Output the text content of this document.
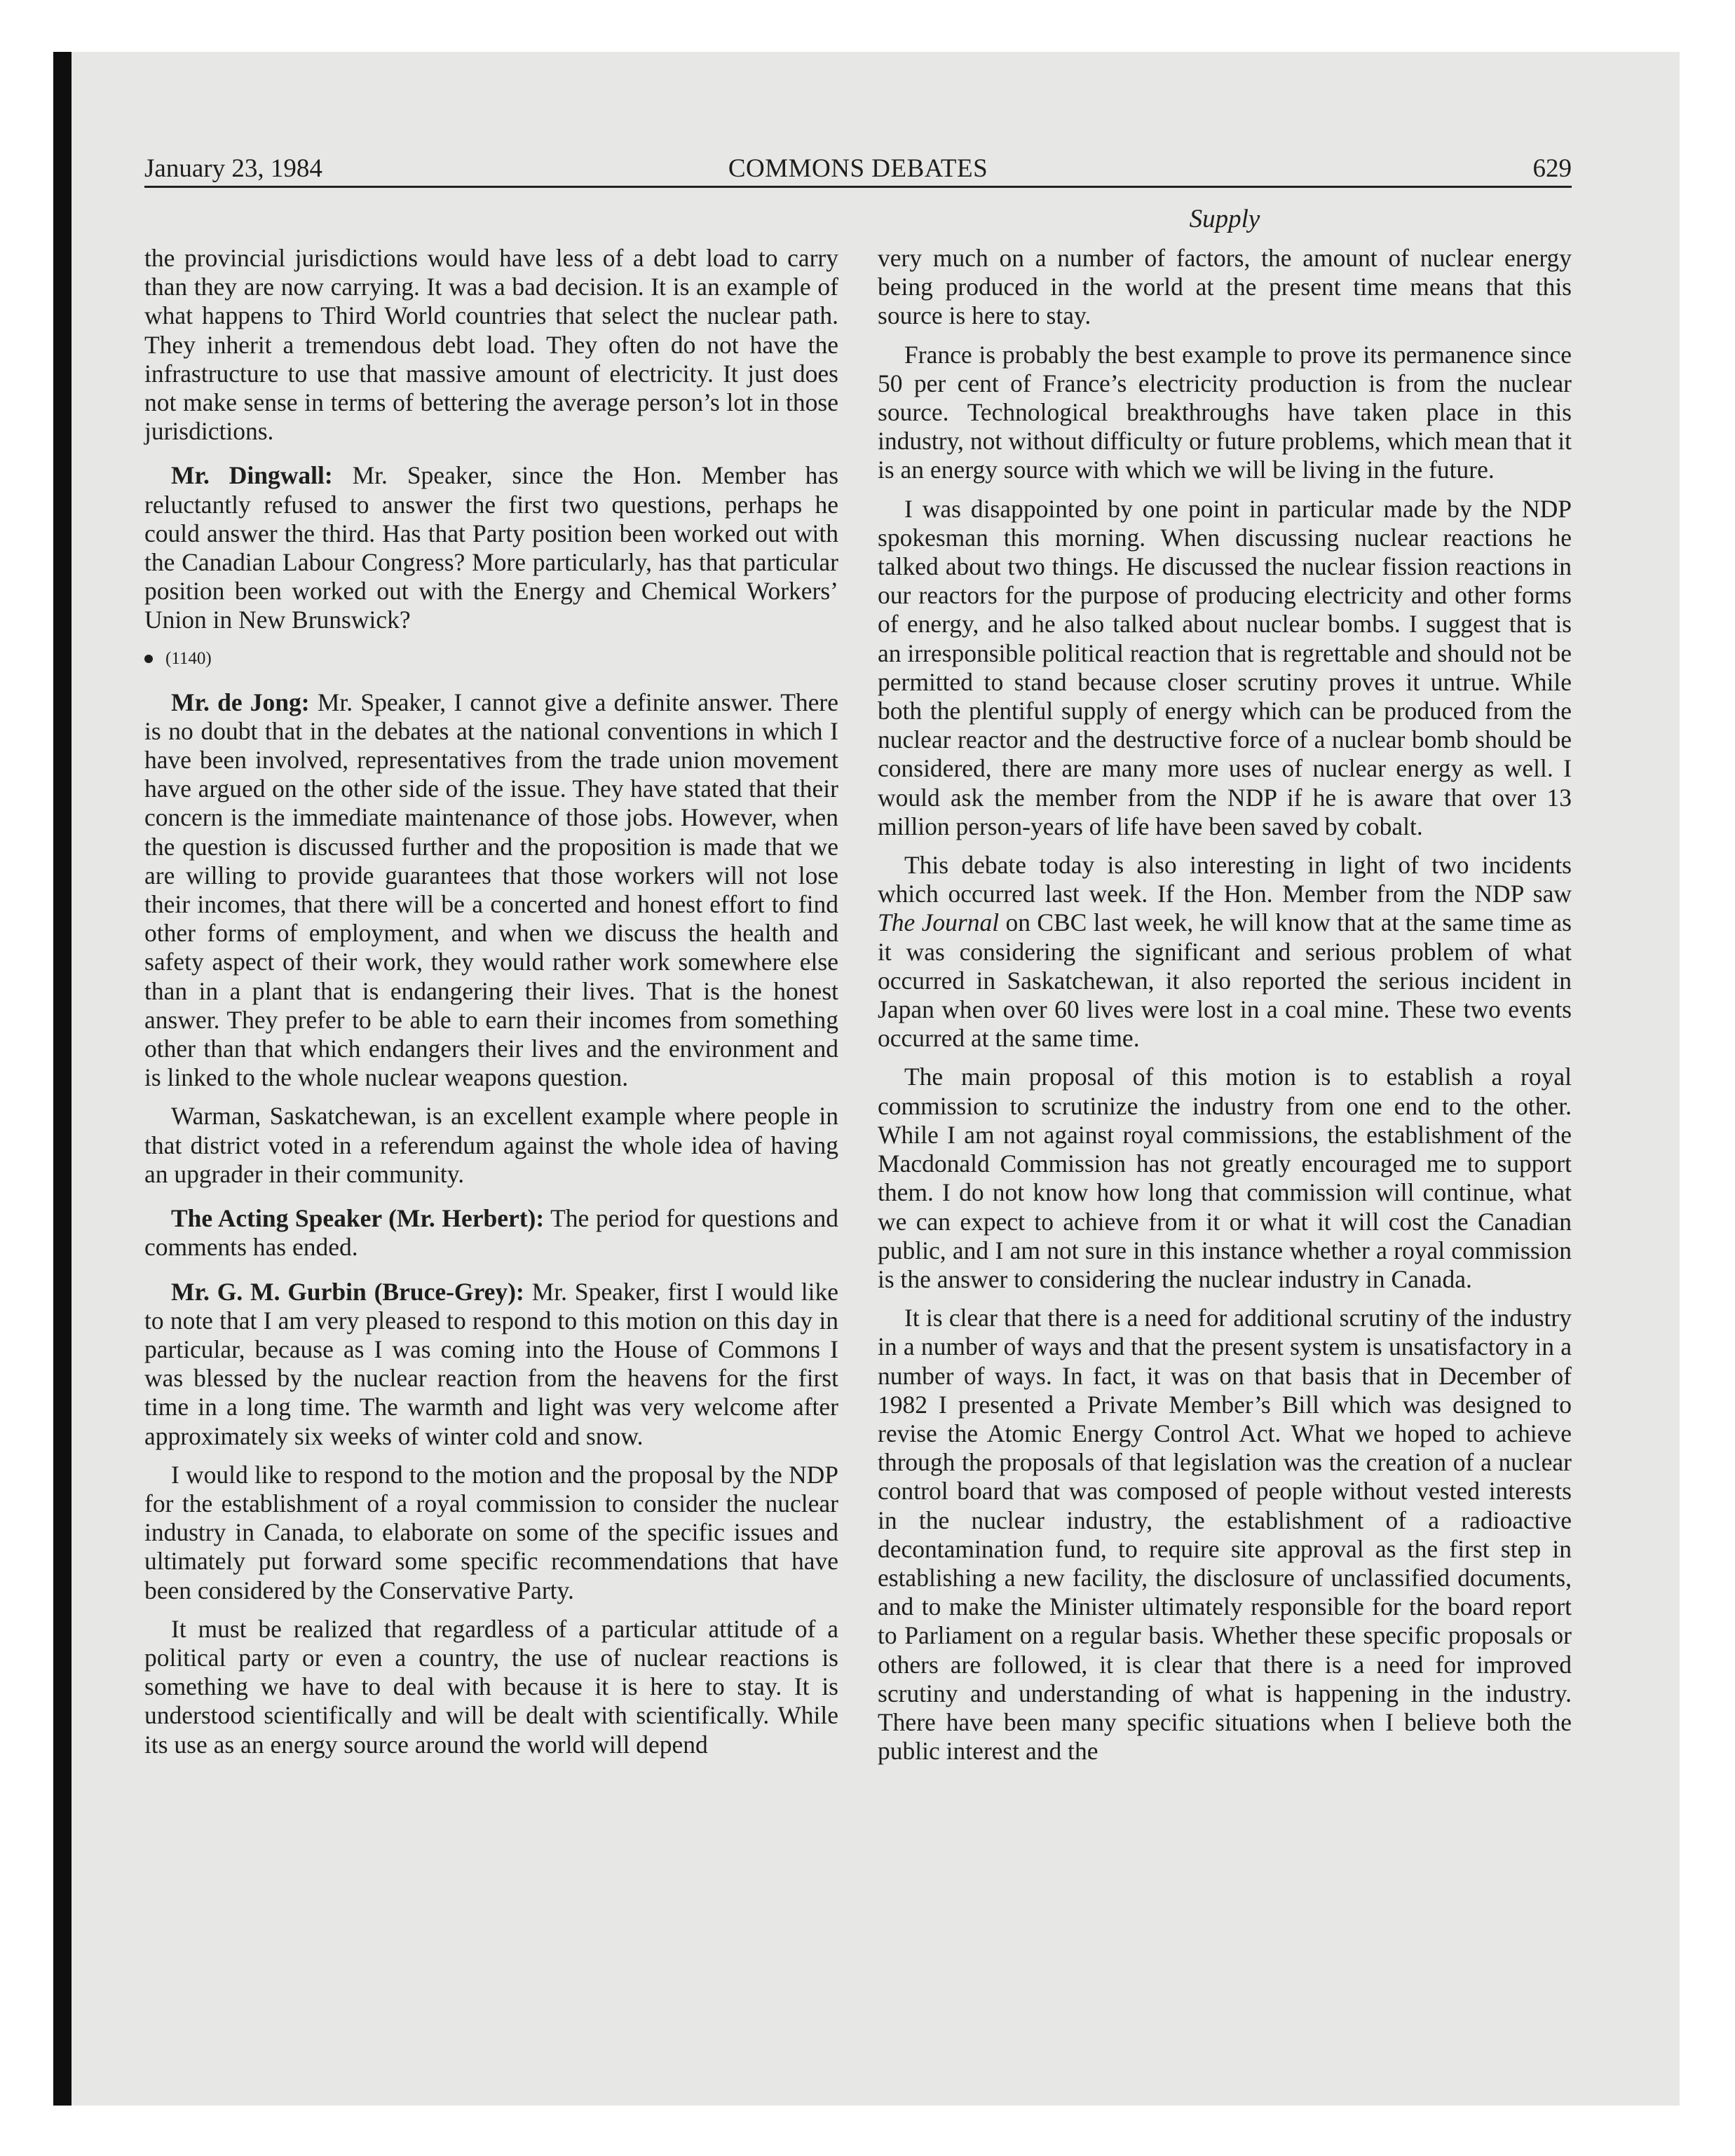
January 23, 1984	COMMONS DEBATES	629
Supply

the provincial jurisdictions would have less of a debt load to carry than they are now carrying. It was a bad decision. It is an example of what happens to Third World countries that select the nuclear path. They inherit a tremendous debt load. They often do not have the infrastructure to use that massive amount of electricity. It just does not make sense in terms of bettering the average person’s lot in those jurisdictions.

Mr. Dingwall: Mr. Speaker, since the Hon. Member has reluctantly refused to answer the first two questions, perhaps he could answer the third. Has that Party position been worked out with the Canadian Labour Congress? More particularly, has that particular position been worked out with the Energy and Chemical Workers’ Union in New Brunswick?

(1140)

Mr. de Jong: Mr. Speaker, I cannot give a definite answer. There is no doubt that in the debates at the national conventions in which I have been involved, representatives from the trade union movement have argued on the other side of the issue. They have stated that their concern is the immediate maintenance of those jobs. However, when the question is discussed further and the proposition is made that we are willing to provide guarantees that those workers will not lose their incomes, that there will be a concerted and honest effort to find other forms of employment, and when we discuss the health and safety aspect of their work, they would rather work somewhere else than in a plant that is endangering their lives. That is the honest answer. They prefer to be able to earn their incomes from something other than that which endangers their lives and the environment and is linked to the whole nuclear weapons question.

Warman, Saskatchewan, is an excellent example where people in that district voted in a referendum against the whole idea of having an upgrader in their community.

The Acting Speaker (Mr. Herbert): The period for questions and comments has ended.

Mr. G. M. Gurbin (Bruce-Grey): Mr. Speaker, first I would like to note that I am very pleased to respond to this motion on this day in particular, because as I was coming into the House of Commons I was blessed by the nuclear reaction from the heavens for the first time in a long time. The warmth and light was very welcome after approximately six weeks of winter cold and snow.

I would like to respond to the motion and the proposal by the NDP for the establishment of a royal commission to consider the nuclear industry in Canada, to elaborate on some of the specific issues and ultimately put forward some specific recommendations that have been considered by the Conservative Party.

It must be realized that regardless of a particular attitude of a political party or even a country, the use of nuclear reactions is something we have to deal with because it is here to stay. It is understood scientifically and will be dealt with scientifically. While its use as an energy source around the world will depend

very much on a number of factors, the amount of nuclear energy being produced in the world at the present time means that this source is here to stay.

France is probably the best example to prove its permanence since 50 per cent of France’s electricity production is from the nuclear source. Technological breakthroughs have taken place in this industry, not without difficulty or future problems, which mean that it is an energy source with which we will be living in the future.

I was disappointed by one point in particular made by the NDP spokesman this morning. When discussing nuclear reactions he talked about two things. He discussed the nuclear fission reactions in our reactors for the purpose of producing electricity and other forms of energy, and he also talked about nuclear bombs. I suggest that is an irresponsible political reaction that is regrettable and should not be permitted to stand because closer scrutiny proves it untrue. While both the plentiful supply of energy which can be produced from the nuclear reactor and the destructive force of a nuclear bomb should be considered, there are many more uses of nuclear energy as well. I would ask the member from the NDP if he is aware that over 13 million person-years of life have been saved by cobalt.

This debate today is also interesting in light of two incidents which occurred last week. If the Hon. Member from the NDP saw The Journal on CBC last week, he will know that at the same time as it was considering the significant and serious problem of what occurred in Saskatchewan, it also reported the serious incident in Japan when over 60 lives were lost in a coal mine. These two events occurred at the same time.

The main proposal of this motion is to establish a royal commission to scrutinize the industry from one end to the other. While I am not against royal commissions, the establishment of the Macdonald Commission has not greatly encouraged me to support them. I do not know how long that commission will continue, what we can expect to achieve from it or what it will cost the Canadian public, and I am not sure in this instance whether a royal commission is the answer to considering the nuclear industry in Canada.

It is clear that there is a need for additional scrutiny of the industry in a number of ways and that the present system is unsatisfactory in a number of ways. In fact, it was on that basis that in December of 1982 I presented a Private Member’s Bill which was designed to revise the Atomic Energy Control Act. What we hoped to achieve through the proposals of that legislation was the creation of a nuclear control board that was composed of people without vested interests in the nuclear industry, the establishment of a radioactive decontamination fund, to require site approval as the first step in establishing a new facility, the disclosure of unclassified documents, and to make the Minister ultimately responsible for the board report to Parliament on a regular basis. Whether these specific proposals or others are followed, it is clear that there is a need for improved scrutiny and understanding of what is happening in the industry. There have been many specific situations when I believe both the public interest and the
